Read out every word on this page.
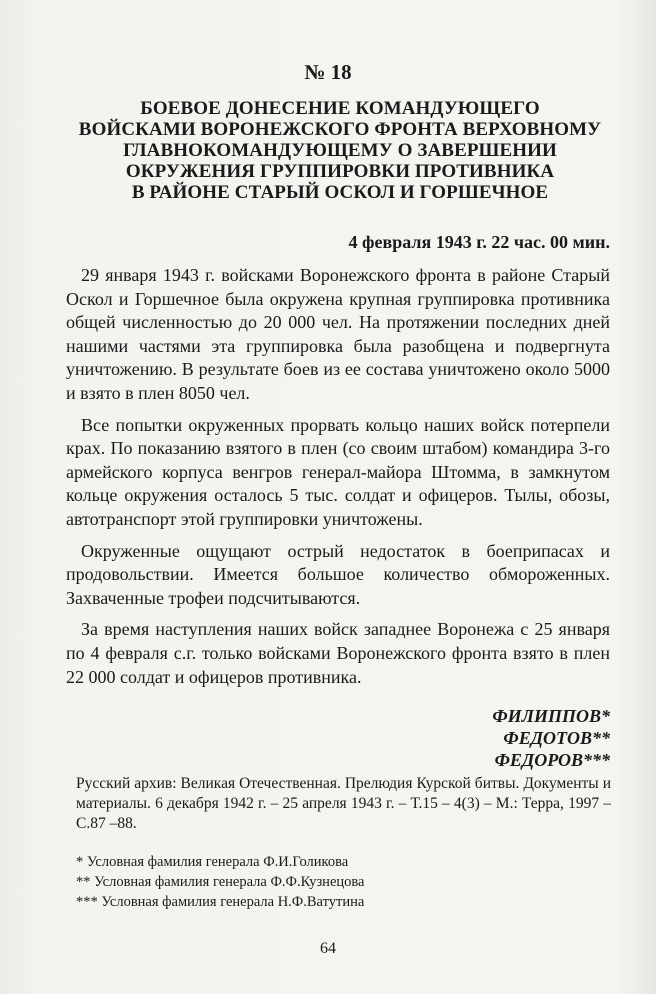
№ 18
БОЕВОЕ ДОНЕСЕНИЕ КОМАНДУЮЩЕГО
ВОЙСКАМИ ВОРОНЕЖСКОГО ФРОНТА ВЕРХОВНОМУ
ГЛАВНОКОМАНДУЮЩЕМУ О ЗАВЕРШЕНИИ
ОКРУЖЕНИЯ ГРУППИРОВКИ ПРОТИВНИКА
В РАЙОНЕ СТАРЫЙ ОСКОЛ И ГОРШЕЧНОЕ
4 февраля 1943 г. 22 час. 00 мин.

29 января 1943 г. войсками Воронежского фронта в районе Старый Оскол и Горшечное была окружена крупная группировка противника общей численностью до 20 000 чел. На протяжении последних дней нашими частями эта группировка была разобщена и подвергнута уничтожению. В результате боев из ее состава уничтожено около 5000 и взято в плен 8050 чел.

Все попытки окруженных прорвать кольцо наших войск потерпели крах. По показанию взятого в плен (со своим штабом) командира 3-го армейского корпуса венгров генерал-майора Штомма, в замкнутом кольце окружения осталось 5 тыс. солдат и офицеров. Тылы, обозы, автотранспорт этой группировки уничтожены.

Окруженные ощущают острый недостаток в боеприпасах и продовольствии. Имеется большое количество обмороженных. Захваченные трофеи подсчитываются.

За время наступления наших войск западнее Воронежа с 25 января по 4 февраля с.г. только войсками Воронежского фронта взято в плен 22 000 солдат и офицеров противника.

ФИЛИППОВ*
ФЕДОТОВ**
ФЕДОРОВ***
Русский архив: Великая Отечественная. Прелюдия Курской битвы. Документы и материалы. 6 декабря 1942 г. – 25 апреля 1943 г. – Т.15 – 4(3) – М.: Терра, 1997 – С.87 –88.
* Условная фамилия генерала Ф.И.Голикова
** Условная фамилия генерала Ф.Ф.Кузнецова
*** Условная фамилия генерала Н.Ф.Ватутина
64
